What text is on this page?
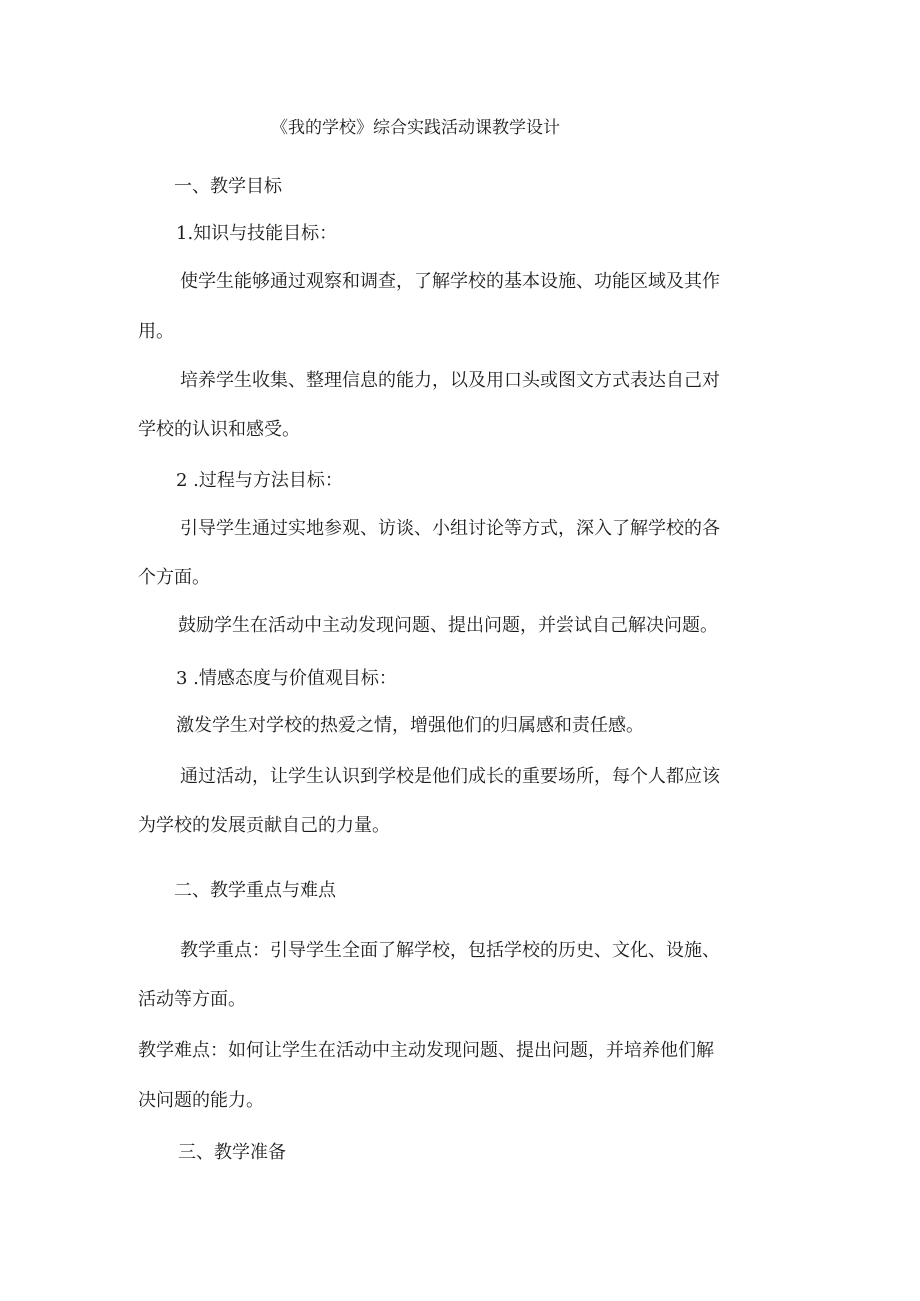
《我的学校》综合实践活动课教学设计
一、教学目标
1.知识与技能目标：
使学生能够通过观察和调查，了解学校的基本设施、功能区域及其作
用。
培养学生收集、整理信息的能力，以及用口头或图文方式表达自己对
学校的认识和感受。
2 .过程与方法目标：
引导学生通过实地参观、访谈、小组讨论等方式，深入了解学校的各
个方面。
鼓励学生在活动中主动发现问题、提出问题，并尝试自己解决问题。
3 .情感态度与价值观目标：
激发学生对学校的热爱之情，增强他们的归属感和责任感。
通过活动，让学生认识到学校是他们成长的重要场所，每个人都应该
为学校的发展贡献自己的力量。
二、教学重点与难点
教学重点：引导学生全面了解学校，包括学校的历史、文化、设施、
活动等方面。
教学难点：如何让学生在活动中主动发现问题、提出问题，并培养他们解
决问题的能力。
三、教学准备
